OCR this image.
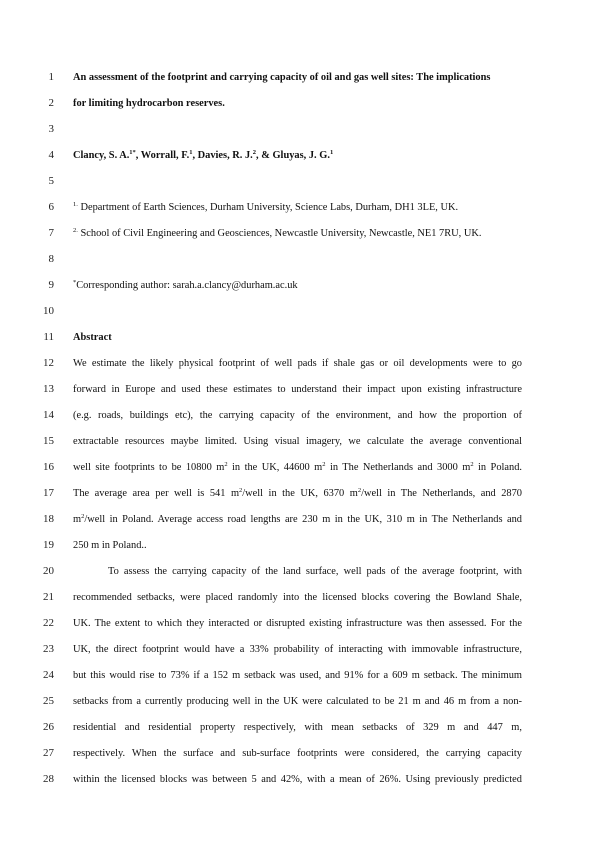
1
2
3
4
5
6
7
8
9
10
11
12
13
14
15
16
17
18
19
20
21
22
23
24
25
26
27
28
An assessment of the footprint and carrying capacity of oil and gas well sites: The implications
for limiting hydrocarbon reserves.
Clancy, S. A.$^{1*}$, Worrall, F.$^1$, Davies, R. J.$^2$, & Gluyas, J. G.$^1$
$^{1.}$ Department of Earth Sciences, Durham University, Science Labs, Durham, DH1 3LE, UK.
$^{2.}$ School of Civil Engineering and Geosciences, Newcastle University, Newcastle, NE1 7RU, UK.
*Corresponding author: sarah.a.clancy@durham.ac.uk
Abstract
We estimate the likely physical footprint of well pads if shale gas or oil developments were to go
forward in Europe and used these estimates to understand their impact upon existing infrastructure
(e.g. roads, buildings etc), the carrying capacity of the environment, and how the proportion of
extractable resources maybe limited. Using visual imagery, we calculate the average conventional
well site footprints to be 10800 $m^2$ in the UK, 44600 $m^2$ in The Netherlands and 3000 $m^2$ in Poland.
The average area per well is 541 $m^2$/well in the UK, 6370 $m^2$/well in The Netherlands, and 2870
$m^2$/well in Poland. Average access road lengths are 230 m in the UK, 310 m in The Netherlands and
250 m in Poland..
To assess the carrying capacity of the land surface, well pads of the average footprint, with
recommended setbacks, were placed randomly into the licensed blocks covering the Bowland Shale,
UK. The extent to which they interacted or disrupted existing infrastructure was then assessed. For the
UK, the direct footprint would have a 33% probability of interacting with immovable infrastructure,
but this would rise to 73% if a 152 m setback was used, and 91% for a 609 m setback. The minimum
setbacks from a currently producing well in the UK were calculated to be 21 m and 46 m from a non-
residential and residential property respectively, with mean setbacks of 329 m and 447 m,
respectively. When the surface and sub-surface footprints were considered, the carrying capacity
within the licensed blocks was between 5 and 42%, with a mean of 26%. Using previously predicted
